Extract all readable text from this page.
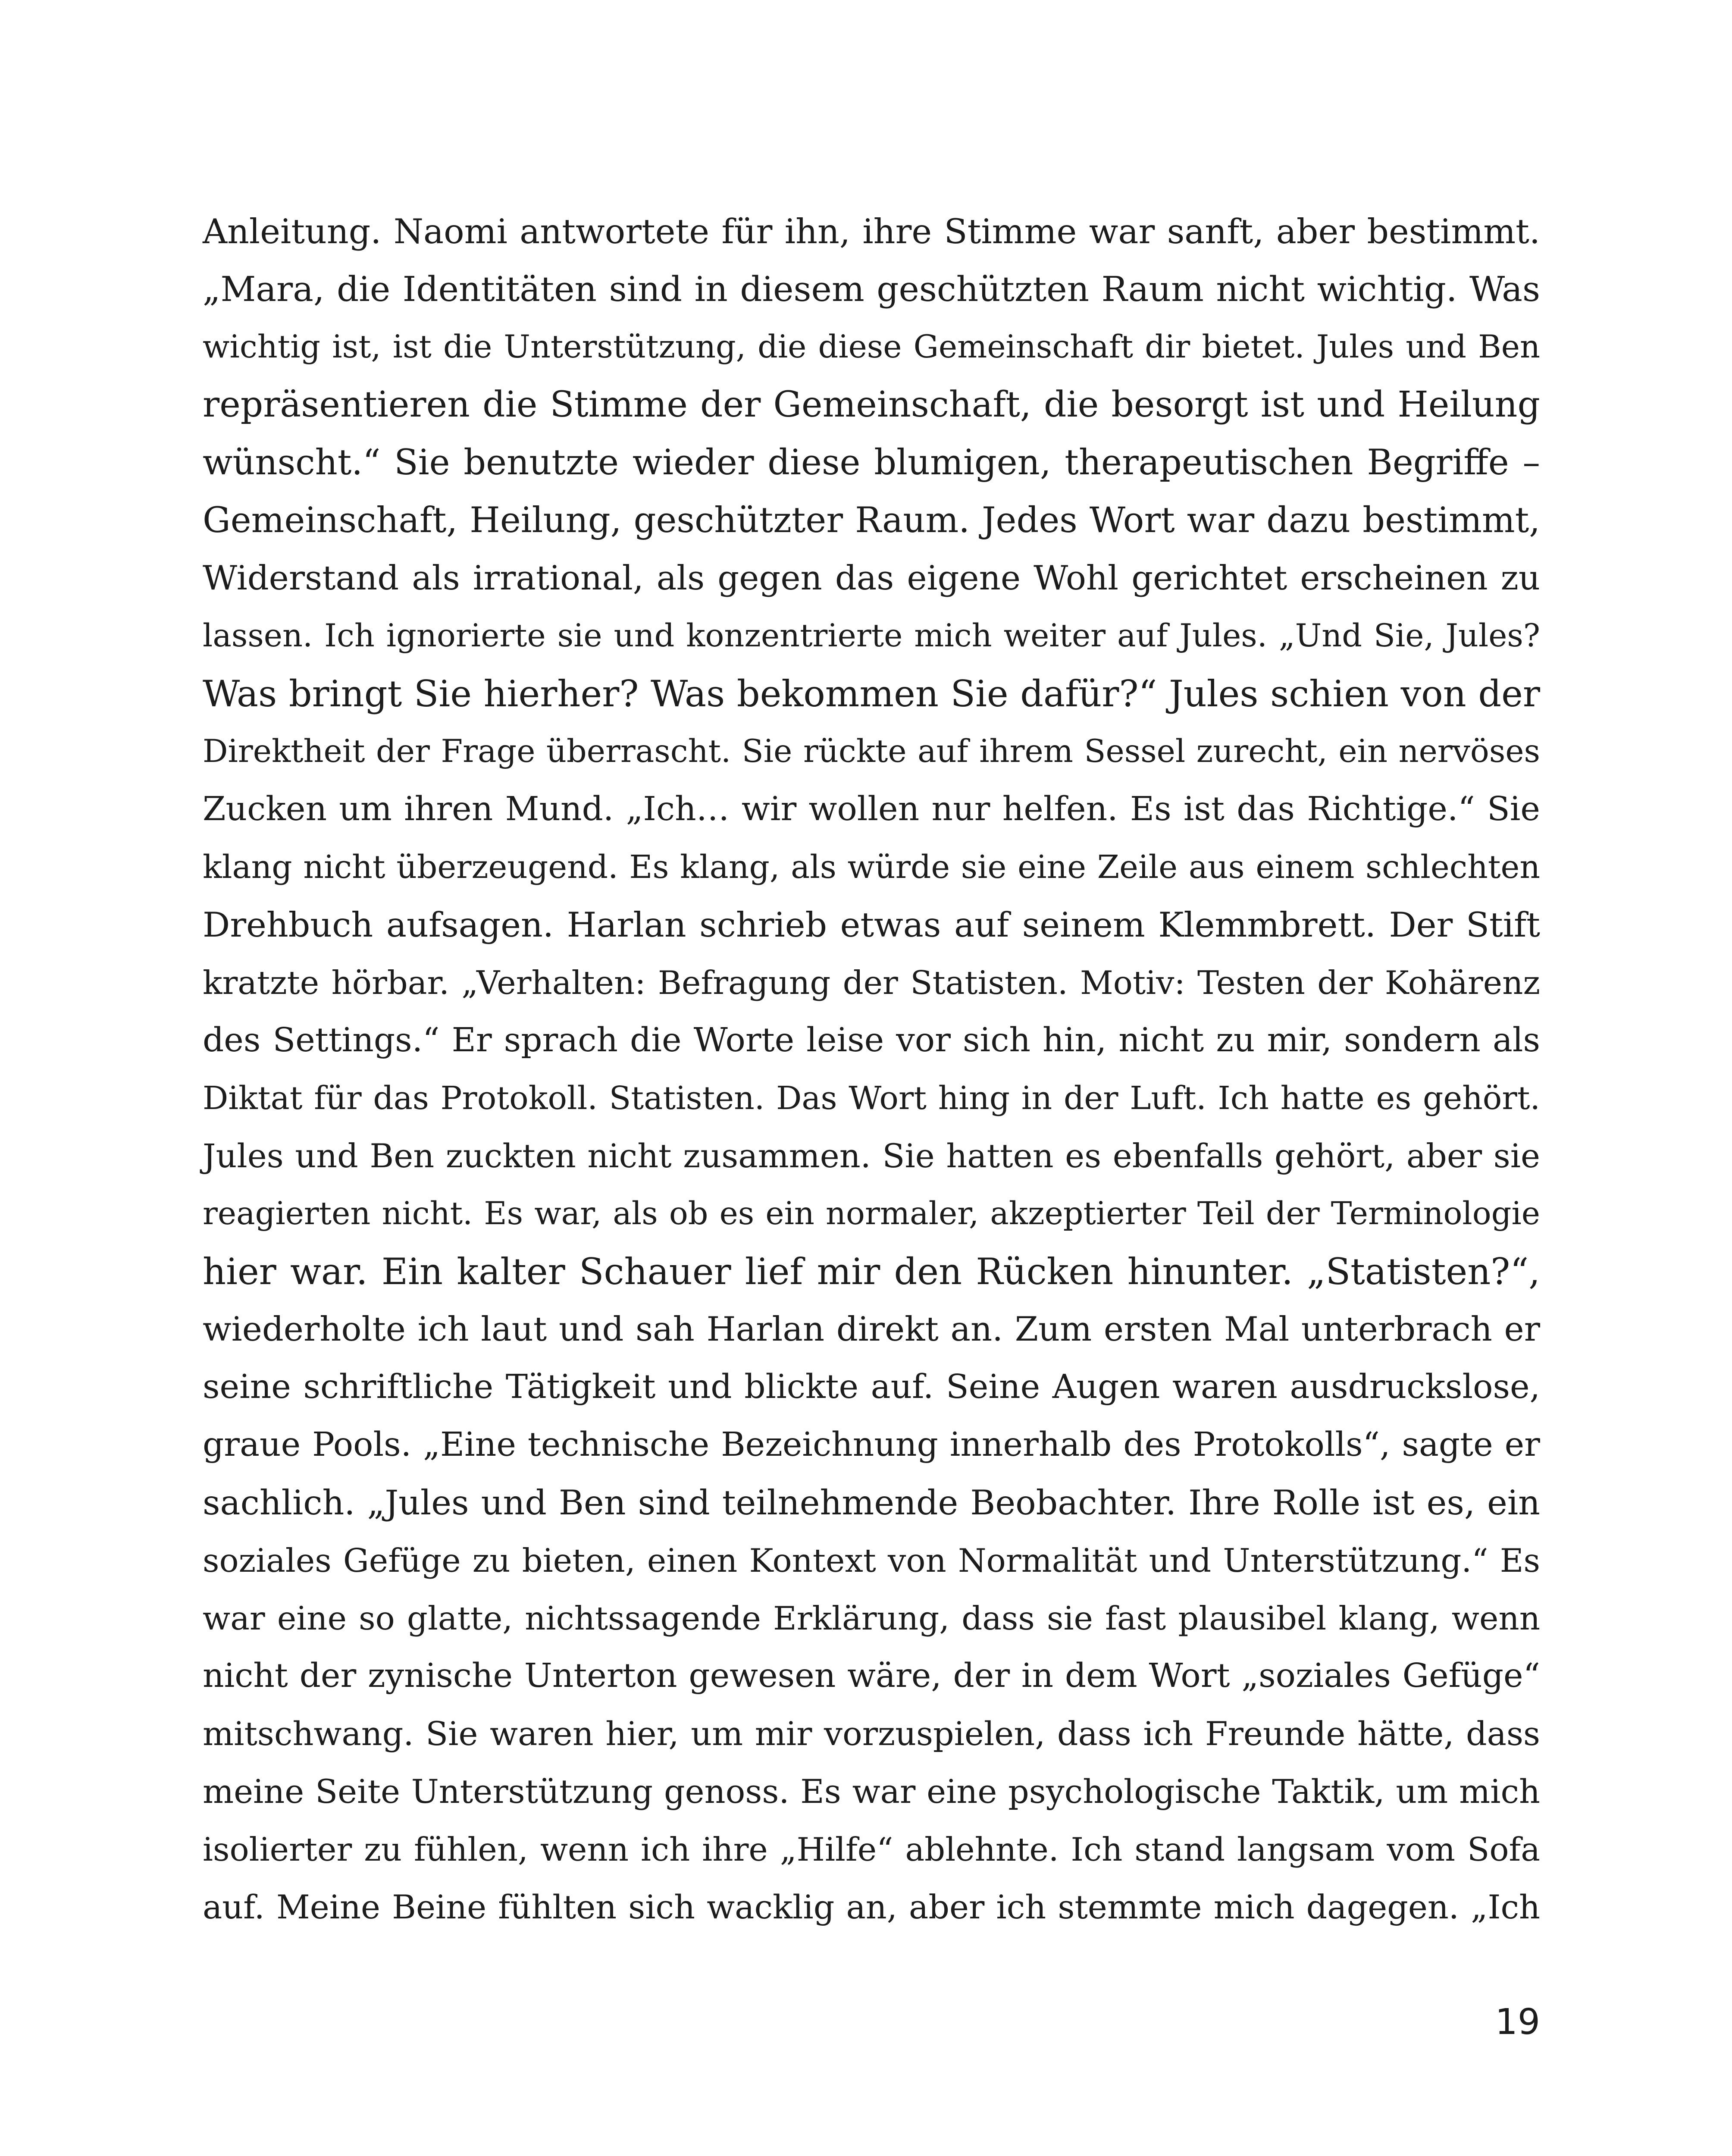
Anleitung. Naomi antwortete für ihn, ihre Stimme war sanft, aber bestimmt.
„Mara, die Identitäten sind in diesem geschützten Raum nicht wichtig. Was
wichtig ist, ist die Unterstützung, die diese Gemeinschaft dir bietet. Jules und Ben
repräsentieren die Stimme der Gemeinschaft, die besorgt ist und Heilung
wünscht.“ Sie benutzte wieder diese blumigen, therapeutischen Begriffe –
Gemeinschaft, Heilung, geschützter Raum. Jedes Wort war dazu bestimmt,
Widerstand als irrational, als gegen das eigene Wohl gerichtet erscheinen zu
lassen. Ich ignorierte sie und konzentrierte mich weiter auf Jules. „Und Sie, Jules?
Was bringt Sie hierher? Was bekommen Sie dafür?“ Jules schien von der
Direktheit der Frage überrascht. Sie rückte auf ihrem Sessel zurecht, ein nervöses
Zucken um ihren Mund. „Ich… wir wollen nur helfen. Es ist das Richtige.“ Sie
klang nicht überzeugend. Es klang, als würde sie eine Zeile aus einem schlechten
Drehbuch aufsagen. Harlan schrieb etwas auf seinem Klemmbrett. Der Stift
kratzte hörbar. „Verhalten: Befragung der Statisten. Motiv: Testen der Kohärenz
des Settings.“ Er sprach die Worte leise vor sich hin, nicht zu mir, sondern als
Diktat für das Protokoll. Statisten. Das Wort hing in der Luft. Ich hatte es gehört.
Jules und Ben zuckten nicht zusammen. Sie hatten es ebenfalls gehört, aber sie
reagierten nicht. Es war, als ob es ein normaler, akzeptierter Teil der Terminologie
hier war. Ein kalter Schauer lief mir den Rücken hinunter. „Statisten?“,
wiederholte ich laut und sah Harlan direkt an. Zum ersten Mal unterbrach er
seine schriftliche Tätigkeit und blickte auf. Seine Augen waren ausdruckslose,
graue Pools. „Eine technische Bezeichnung innerhalb des Protokolls“, sagte er
sachlich. „Jules und Ben sind teilnehmende Beobachter. Ihre Rolle ist es, ein
soziales Gefüge zu bieten, einen Kontext von Normalität und Unterstützung.“ Es
war eine so glatte, nichtssagende Erklärung, dass sie fast plausibel klang, wenn
nicht der zynische Unterton gewesen wäre, der in dem Wort „soziales Gefüge“
mitschwang. Sie waren hier, um mir vorzuspielen, dass ich Freunde hätte, dass
meine Seite Unterstützung genoss. Es war eine psychologische Taktik, um mich
isolierter zu fühlen, wenn ich ihre „Hilfe“ ablehnte. Ich stand langsam vom Sofa
auf. Meine Beine fühlten sich wacklig an, aber ich stemmte mich dagegen. „Ich
19
